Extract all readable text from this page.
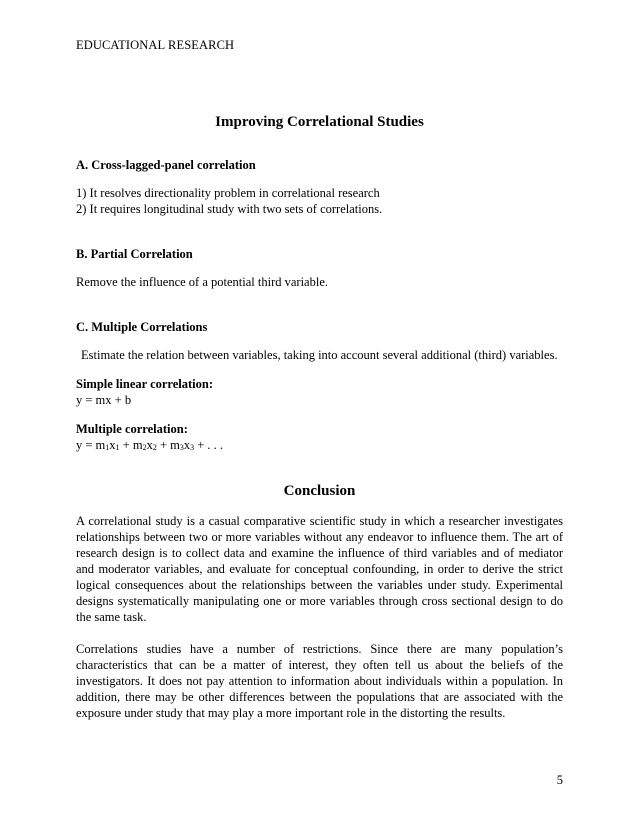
EDUCATIONAL RESEARCH
Improving Correlational Studies
A. Cross-lagged-panel correlation
1) It resolves directionality problem in correlational research
2) It requires longitudinal study with two sets of correlations.
B. Partial Correlation
Remove the influence of a potential third variable.
C. Multiple Correlations
Estimate the relation between variables, taking into account several additional (third) variables.
Simple linear correlation:
y = mx + b
Multiple correlation:
$y = m_1x_1 + m_2x_2 + m_3x_3$ + . . .
Conclusion

A correlational study is a casual comparative scientific study in which a researcher investigates relationships between two or more variables without any endeavor to influence them. The art of research design is to collect data and examine the influence of third variables and of mediator and moderator variables, and evaluate for conceptual confounding, in order to derive the strict logical consequences about the relationships between the variables under study. Experimental designs systematically manipulating one or more variables through cross sectional design to do the same task.

Correlations studies have a number of restrictions. Since there are many population’s characteristics that can be a matter of interest, they often tell us about the beliefs of the investigators. It does not pay attention to information about individuals within a population. In addition, there may be other differences between the populations that are associated with the exposure under study that may play a more important role in the distorting the results.

5
